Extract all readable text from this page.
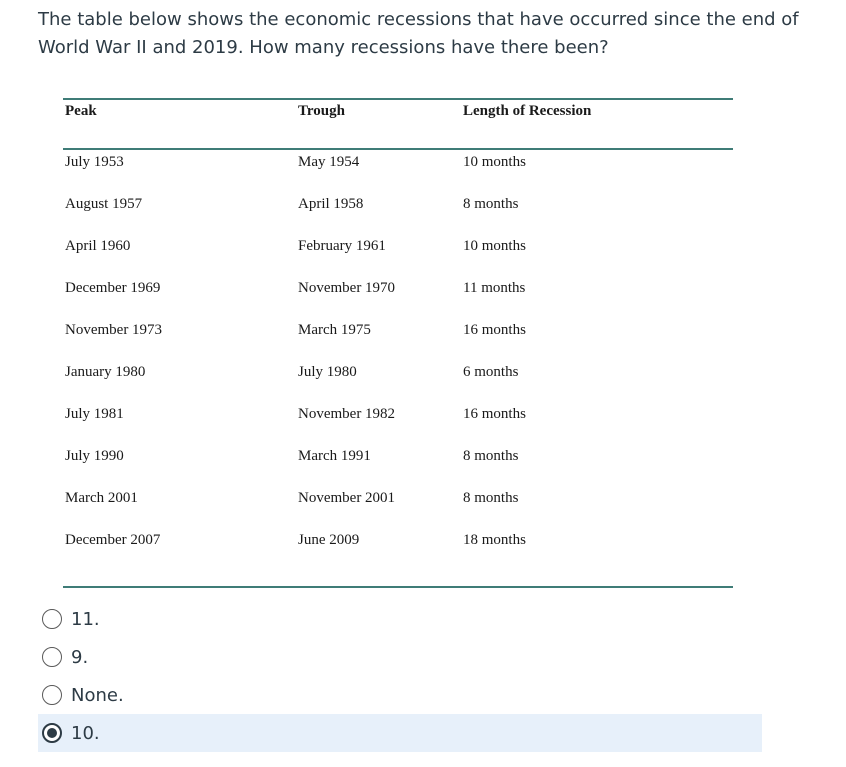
The table below shows the economic recessions that have occurred since the end of World War II and 2019. How many recessions have there been?

Peak	Trough	Length of Recession
July 1953	May 1954	10 months
August 1957	April 1958	8 months
April 1960	February 1961	10 months
December 1969	November 1970	11 months
November 1973	March 1975	16 months
January 1980	July 1980	6 months
July 1981	November 1982	16 months
July 1990	March 1991	8 months
March 2001	November 2001	8 months
December 2007	June 2009	18 months
11.
9.
None.
10.
